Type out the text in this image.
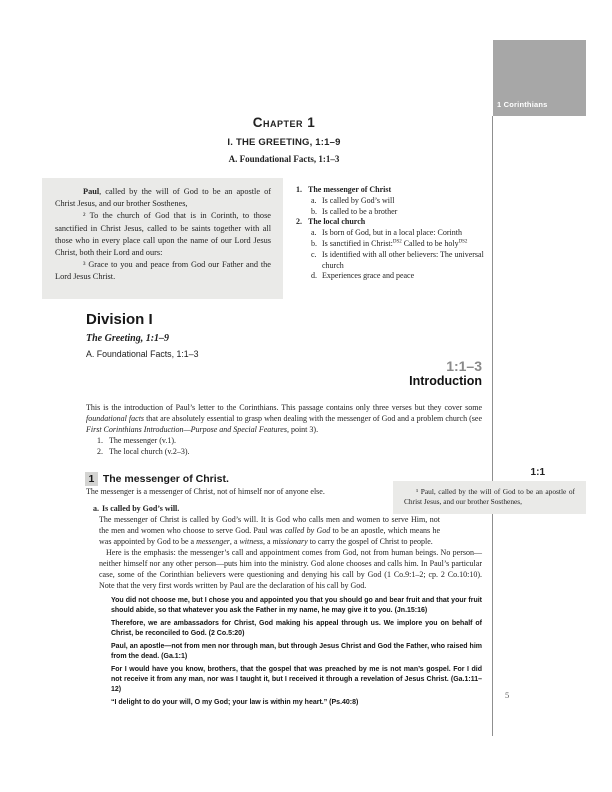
1 Corinthians
Chapter 1
I. THE GREETING, 1:1–9
A. Foundational Facts, 1:1–3

Paul, called by the will of God to be an apostle of Christ Jesus, and our brother Sosthenes,

² To the church of God that is in Corinth, to those sanctified in Christ Jesus, called to be saints together with all those who in every place call upon the name of our Lord Jesus Christ, both their Lord and ours:

³ Grace to you and peace from God our Father and the Lord Jesus Christ.

1. The messenger of Christ
a. Is called by God’s will
b. Is called to be a brother
2. The local church
a. Is born of God, but in a local place: Corinth
b. Is sanctified in Christ:$^{DS2}$ Called to be holy$^{DS2}$
c. Is identified with all other believers: The universal church
d. Experiences grace and peace
Division I
The Greeting, 1:1–9
A. Foundational Facts, 1:1–3
1:1–3
Introduction

This is the introduction of Paul’s letter to the Corinthians. This passage contains only three verses but they cover some foundational facts that are absolutely essential to grasp when dealing with the messenger of God and a problem church (see First Corinthians Introduction—Purpose and Special Features, point 3).

1. The messenger (v.1).
2. The local church (v.2–3).
1 The messenger of Christ.
1:1
¹ Paul, called by the will of God to be an apostle of Christ Jesus, and our brother Sosthenes,
The messenger is a messenger of Christ, not of himself nor of anyone else.
a. Is called by God’s will.

The messenger of Christ is called by God’s will. It is God who calls men and women to serve Him, not the men and women who choose to serve God. Paul was called by God to be an apostle, which means he was appointed by God to be a messenger, a witness, a missionary to carry the gospel of Christ to people.

Here is the emphasis: the messenger’s call and appointment comes from God, not from human beings. No person—neither himself nor any other person—puts him into the ministry. God alone chooses and calls him. In Paul’s particular case, some of the Corinthian believers were questioning and denying his call by God (1 Co.9:1–2; cp. 2 Co.10:10). Note that the very first words written by Paul are the declaration of his call by God.

You did not choose me, but I chose you and appointed you that you should go and bear fruit and that your fruit should abide, so that whatever you ask the Father in my name, he may give it to you. (Jn.15:16)

Therefore, we are ambassadors for Christ, God making his appeal through us. We implore you on behalf of Christ, be reconciled to God. (2 Co.5:20)

Paul, an apostle—not from men nor through man, but through Jesus Christ and God the Father, who raised him from the dead. (Ga.1:1)

For I would have you know, brothers, that the gospel that was preached by me is not man’s gospel. For I did not receive it from any man, nor was I taught it, but I received it through a revelation of Jesus Christ. (Ga.1:11–12)

“I delight to do your will, O my God; your law is within my heart.” (Ps.40:8)

5
